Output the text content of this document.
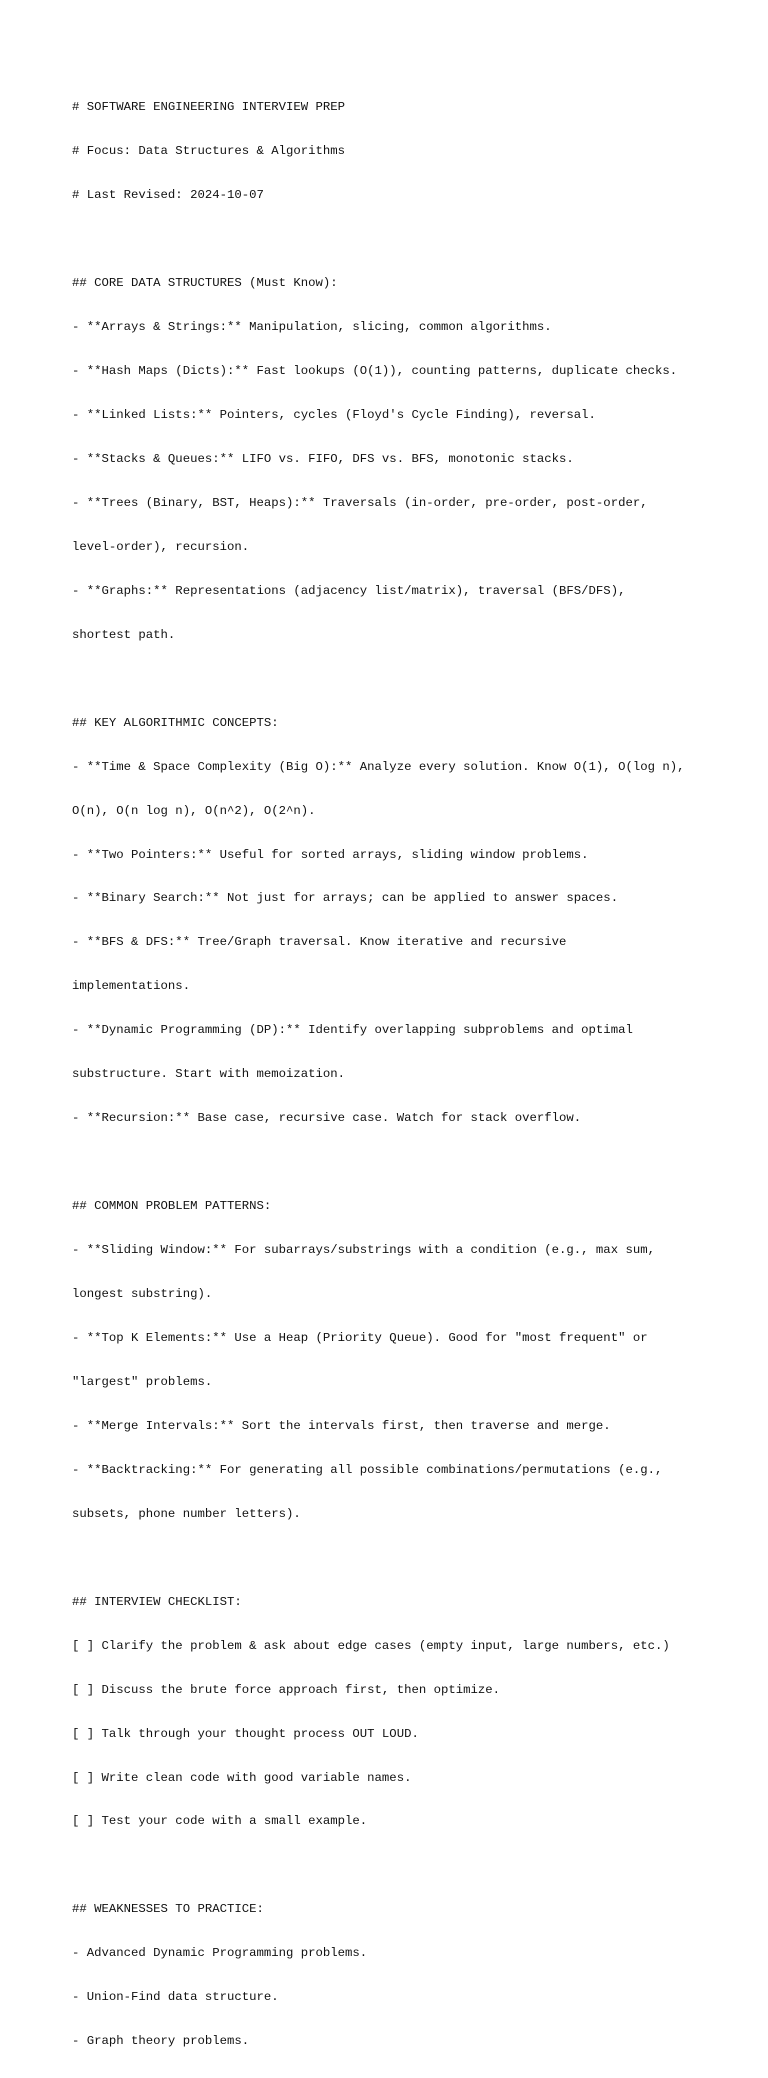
# SOFTWARE ENGINEERING INTERVIEW PREP

# Focus: Data Structures & Algorithms

# Last Revised: 2024-10-07

## CORE DATA STRUCTURES (Must Know):

- **Arrays & Strings:** Manipulation, slicing, common algorithms.

- **Hash Maps (Dicts):** Fast lookups (O(1)), counting patterns, duplicate checks.

- **Linked Lists:** Pointers, cycles (Floyd's Cycle Finding), reversal.

- **Stacks & Queues:** LIFO vs. FIFO, DFS vs. BFS, monotonic stacks.

- **Trees (Binary, BST, Heaps):** Traversals (in-order, pre-order, post-order,

level-order), recursion.

- **Graphs:** Representations (adjacency list/matrix), traversal (BFS/DFS),

shortest path.

## KEY ALGORITHMIC CONCEPTS:

- **Time & Space Complexity (Big O):** Analyze every solution. Know O(1), O(log n),

O(n), O(n log n), O(n^2), O(2^n).

- **Two Pointers:** Useful for sorted arrays, sliding window problems.

- **Binary Search:** Not just for arrays; can be applied to answer spaces.

- **BFS & DFS:** Tree/Graph traversal. Know iterative and recursive

implementations.

- **Dynamic Programming (DP):** Identify overlapping subproblems and optimal

substructure. Start with memoization.

- **Recursion:** Base case, recursive case. Watch for stack overflow.

## COMMON PROBLEM PATTERNS:

- **Sliding Window:** For subarrays/substrings with a condition (e.g., max sum,

longest substring).

- **Top K Elements:** Use a Heap (Priority Queue). Good for "most frequent" or

"largest" problems.

- **Merge Intervals:** Sort the intervals first, then traverse and merge.

- **Backtracking:** For generating all possible combinations/permutations (e.g.,

subsets, phone number letters).

## INTERVIEW CHECKLIST:

[ ] Clarify the problem & ask about edge cases (empty input, large numbers, etc.)

[ ] Discuss the brute force approach first, then optimize.

[ ] Talk through your thought process OUT LOUD.

[ ] Write clean code with good variable names.

[ ] Test your code with a small example.

## WEAKNESSES TO PRACTICE:

- Advanced Dynamic Programming problems.

- Union-Find data structure.

- Graph theory problems.
